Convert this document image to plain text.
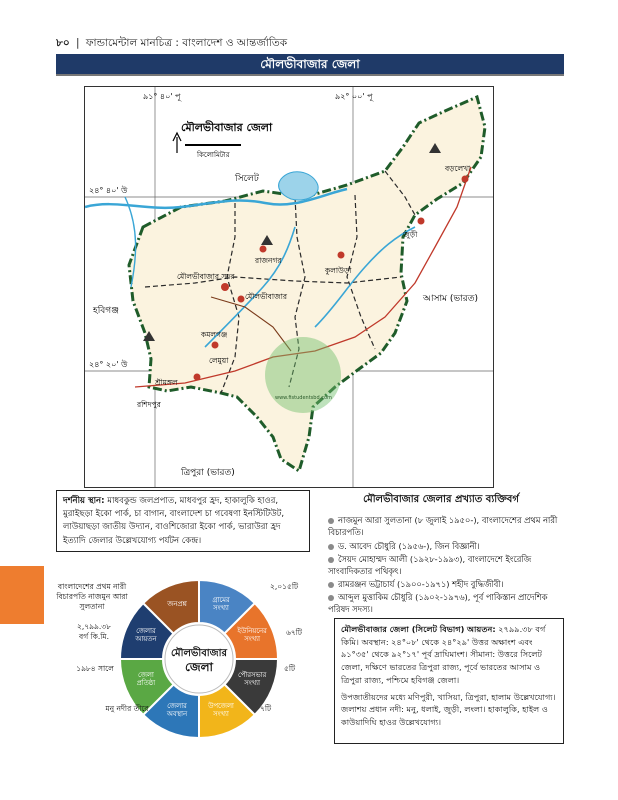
৮০ | ফান্ডামেন্টাল মানচিত্র : বাংলাদেশ ও আন্তর্জাতিক
মৌলভীবাজার জেলা
মৌলভীবাজার জেলা
কিলোমিটার
৯১° ৪০' পূ	৯২° ০০' পূ
২৪° ৪০' উ
২৪° ২০' উ
সিলেট
হবিগঞ্জ
আসাম (ভারত)
ত্রিপুরা (ভারত)
মৌলভীবাজার সদর
মৌলভীবাজার
রাজনগর
কমলগঞ্জ
শ্রীমঙ্গল
কুলাউড়া
বড়লেখা
জুড়ী
রশিদপুর
লেমুয়া
www.fistudentsbd.com
দর্শনীয় স্থান: মাধবকুন্ড জলপ্রপাত, মাধবপুর হ্রদ, হাকালুকি হাওর, মুরাইছড়া ইকো পার্ক, চা বাগান, বাংলাদেশ চা গবেষণা ইনস্টিটিউট, লাউয়াছড়া জাতীয় উদ্যান, বাওশিজোরা ইকো পার্ক, ভারাউরা হ্রদ ইত্যাদি জেলার উল্লেখযোগ্য পর্যটন কেন্দ্র।
মৌলভীবাজার জেলার প্রখ্যাত ব্যক্তিবর্গ
নাজমুন আরা সুলতানা (৮ জুলাই ১৯৫০-), বাংলাদেশের প্রথম নারী বিচারপতি।
ড. আবেদ চৌধুরি (১৯৫৬-), জিন বিজ্ঞানী।
সৈয়দ মোহাম্মদ আলী (১৯২৮-১৯৯৩), বাংলাদেশে ইংরেজি সাংবাদিকতার পথিকৃৎ।
রামরঞ্জন ভট্টাচার্য (১৯০০-১৯৭১) শহীদ বুদ্ধিজীবী।
আব্দুল মুত্তাকিম চৌধুরি (১৯০২-১৯৭৬), পূর্ব পাকিস্তান প্রাদেশিক পরিষদ সদস্য।
মৌলভীবাজার জেলা (সিলেট বিভাগ) আয়তন: ২৭৯৯.৩৮ বর্গ কিমি। অবস্থান: ২৪°০৮' থেকে ২৪°২৯' উত্তর অক্ষাংশ এবং ৯১°৩৫' থেকে ৯২°১৭' পূর্ব দ্রাঘিমাংশ। সীমানা: উত্তরে সিলেট জেলা, দক্ষিণে ভারতের ত্রিপুরা রাজ্য, পূর্বে ভারতের আসাম ও ত্রিপুরা রাজ্য, পশ্চিমে হবিগঞ্জ জেলা।
উপজাতীয়দের মধ্যে মণিপুরী, খাসিয়া, ত্রিপুরা, হালাম উল্লেখযোগ্য। জলাশয় প্রধান নদী: মনু, ধলাই, জুড়ী, লংলা। হাকালুকি, হাইল ও কাউয়াদিঘি হাওর উল্লেখযোগ্য।
গ্রামের সংখ্যা
ইউনিয়নের সংখ্যা
পৌরসভার সংখ্যা
উপজেলা সংখ্যা
জেলার অবস্থান
জেলা প্রতিষ্ঠা
জেলার আয়তন
জনপ্রশ্ন
মৌলভীবাজার
জেলা
বাংলাদেশের প্রথম নারী বিচারপতি নাজমুন আরা সুলতানা
২,৭৯৯.৩৮ বর্গ কি.মি.
১৯৮৪ সালে
মনু নদীর তীরে
২,০১৫টি
৬৭টি
৫টি
৭টি
